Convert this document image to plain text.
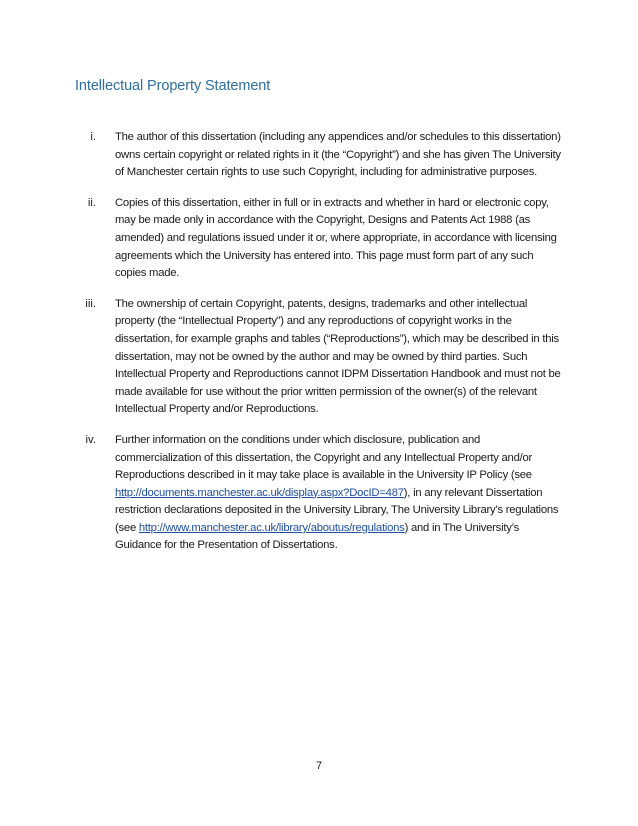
Intellectual Property Statement
i. The author of this dissertation (including any appendices and/or schedules to this dissertation) owns certain copyright or related rights in it (the “Copyright”) and she has given The University of Manchester certain rights to use such Copyright, including for administrative purposes.
ii. Copies of this dissertation, either in full or in extracts and whether in hard or electronic copy, may be made only in accordance with the Copyright, Designs and Patents Act 1988 (as amended) and regulations issued under it or, where appropriate, in accordance with licensing agreements which the University has entered into. This page must form part of any such copies made.
iii. The ownership of certain Copyright, patents, designs, trademarks and other intellectual property (the “Intellectual Property”) and any reproductions of copyright works in the dissertation, for example graphs and tables (“Reproductions”), which may be described in this dissertation, may not be owned by the author and may be owned by third parties. Such Intellectual Property and Reproductions cannot IDPM Dissertation Handbook and must not be made available for use without the prior written permission of the owner(s) of the relevant Intellectual Property and/or Reproductions.
iv. Further information on the conditions under which disclosure, publication and commercialization of this dissertation, the Copyright and any Intellectual Property and/or Reproductions described in it may take place is available in the University IP Policy (see http://documents.manchester.ac.uk/display.aspx?DocID=487), in any relevant Dissertation restriction declarations deposited in the University Library, The University Library’s regulations (see http://www.manchester.ac.uk/library/aboutus/regulations) and in The University’s Guidance for the Presentation of Dissertations.
7
